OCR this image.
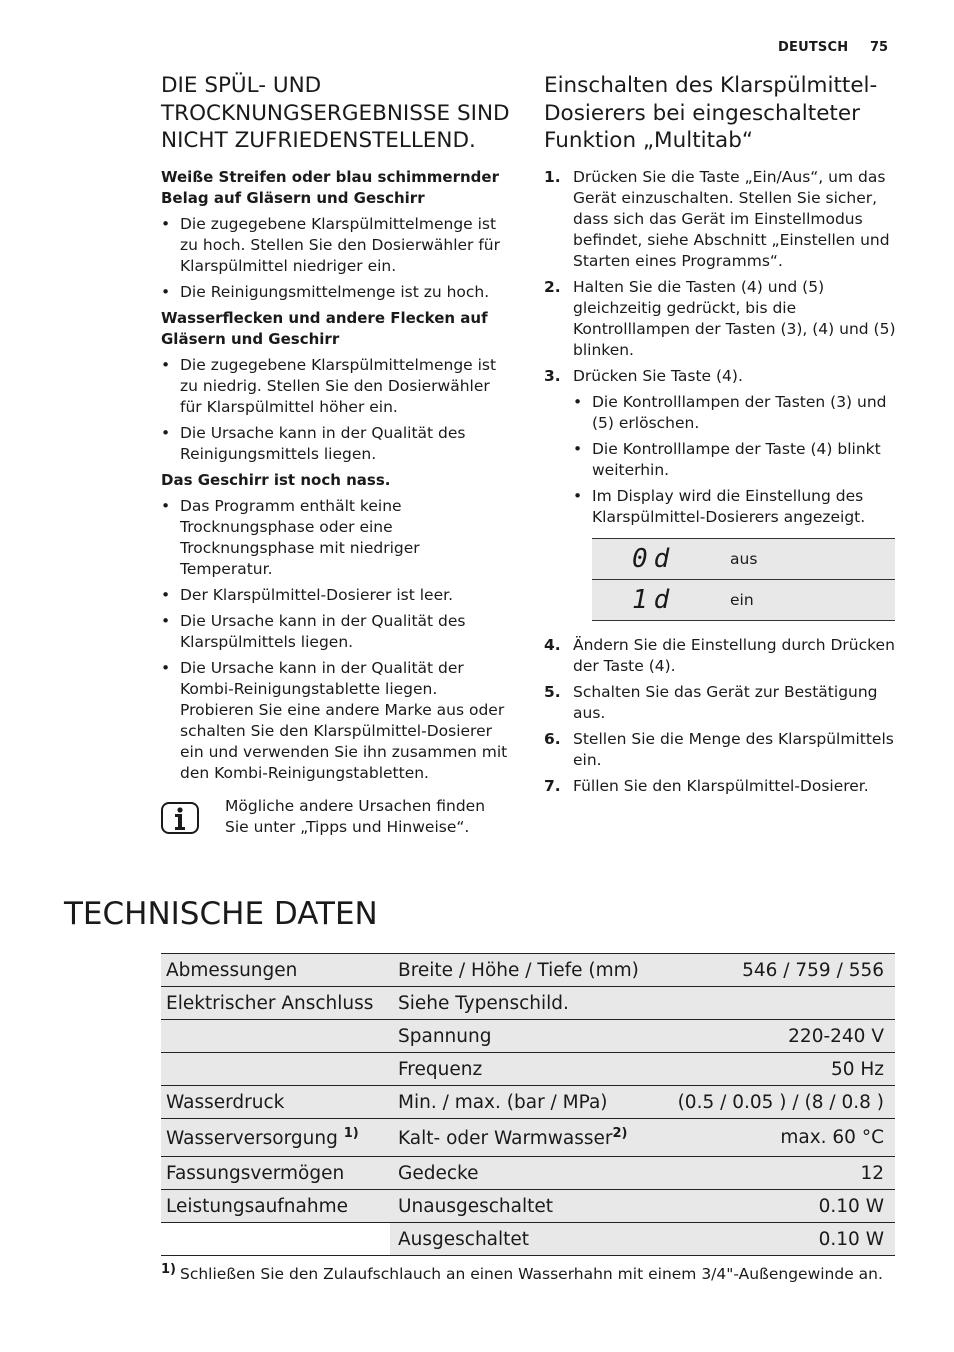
DEUTSCH 75
DIE SPÜL- UND TROCKNUNGSERGEBNISSE SIND NICHT ZUFRIEDENSTELLEND.
Weiße Streifen oder blau schimmernder Belag auf Gläsern und Geschirr
• Die zugegebene Klarspülmittelmenge ist zu hoch. Stellen Sie den Dosierwähler für Klarspülmittel niedriger ein.
• Die Reinigungsmittelmenge ist zu hoch.
Wasserflecken und andere Flecken auf Gläsern und Geschirr
• Die zugegebene Klarspülmittelmenge ist zu niedrig. Stellen Sie den Dosierwähler für Klarspülmittel höher ein.
• Die Ursache kann in der Qualität des Reinigungsmittels liegen.
Das Geschirr ist noch nass.
• Das Programm enthält keine Trocknungsphase oder eine Trocknungsphase mit niedriger Temperatur.
• Der Klarspülmittel-Dosierer ist leer.
• Die Ursache kann in der Qualität des Klarspülmittels liegen.
• Die Ursache kann in der Qualität der Kombi-Reinigungstablette liegen. Probieren Sie eine andere Marke aus oder schalten Sie den Klarspülmittel-Dosierer ein und verwenden Sie ihn zusammen mit den Kombi-Reinigungstabletten.
Mögliche andere Ursachen finden Sie unter „Tipps und Hinweise“.
Einschalten des Klarspülmittel-Dosierers bei eingeschalteter Funktion „Multitab“
1. Drücken Sie die Taste „Ein/Aus“, um das Gerät einzuschalten. Stellen Sie sicher, dass sich das Gerät im Einstellmodus befindet, siehe Abschnitt „Einstellen und Starten eines Programms“.
2. Halten Sie die Tasten (4) und (5) gleichzeitig gedrückt, bis die Kontrolllampen der Tasten (3), (4) und (5) blinken.
3. Drücken Sie Taste (4).
• Die Kontrolllampen der Tasten (3) und (5) erlöschen.
• Die Kontrolllampe der Taste (4) blinkt weiterhin.
• Im Display wird die Einstellung des Klarspülmittel-Dosierers angezeigt.
0d	aus
1d	ein
4. Ändern Sie die Einstellung durch Drücken der Taste (4).
5. Schalten Sie das Gerät zur Bestätigung aus.
6. Stellen Sie die Menge des Klarspülmittels ein.
7. Füllen Sie den Klarspülmittel-Dosierer.
TECHNISCHE DATEN
Abmessungen	Breite / Höhe / Tiefe (mm)	546 / 759 / 556
Elektrischer Anschluss	Siehe Typenschild.	
	Spannung	220-240 V
	Frequenz	50 Hz
Wasserdruck	Min. / max. (bar / MPa)	(0.5 / 0.05 ) / (8 / 0.8 )
Wasserversorgung $^{1)}$	Kalt- oder Warmwasser$^{2)}$	max. 60 °C
Fassungsvermögen	Gedecke	12
Leistungsaufnahme	Unausgeschaltet	0.10 W
	Ausgeschaltet	0.10 W
$^{1)}$ Schließen Sie den Zulaufschlauch an einen Wasserhahn mit einem 3/4"-Außengewinde an.
